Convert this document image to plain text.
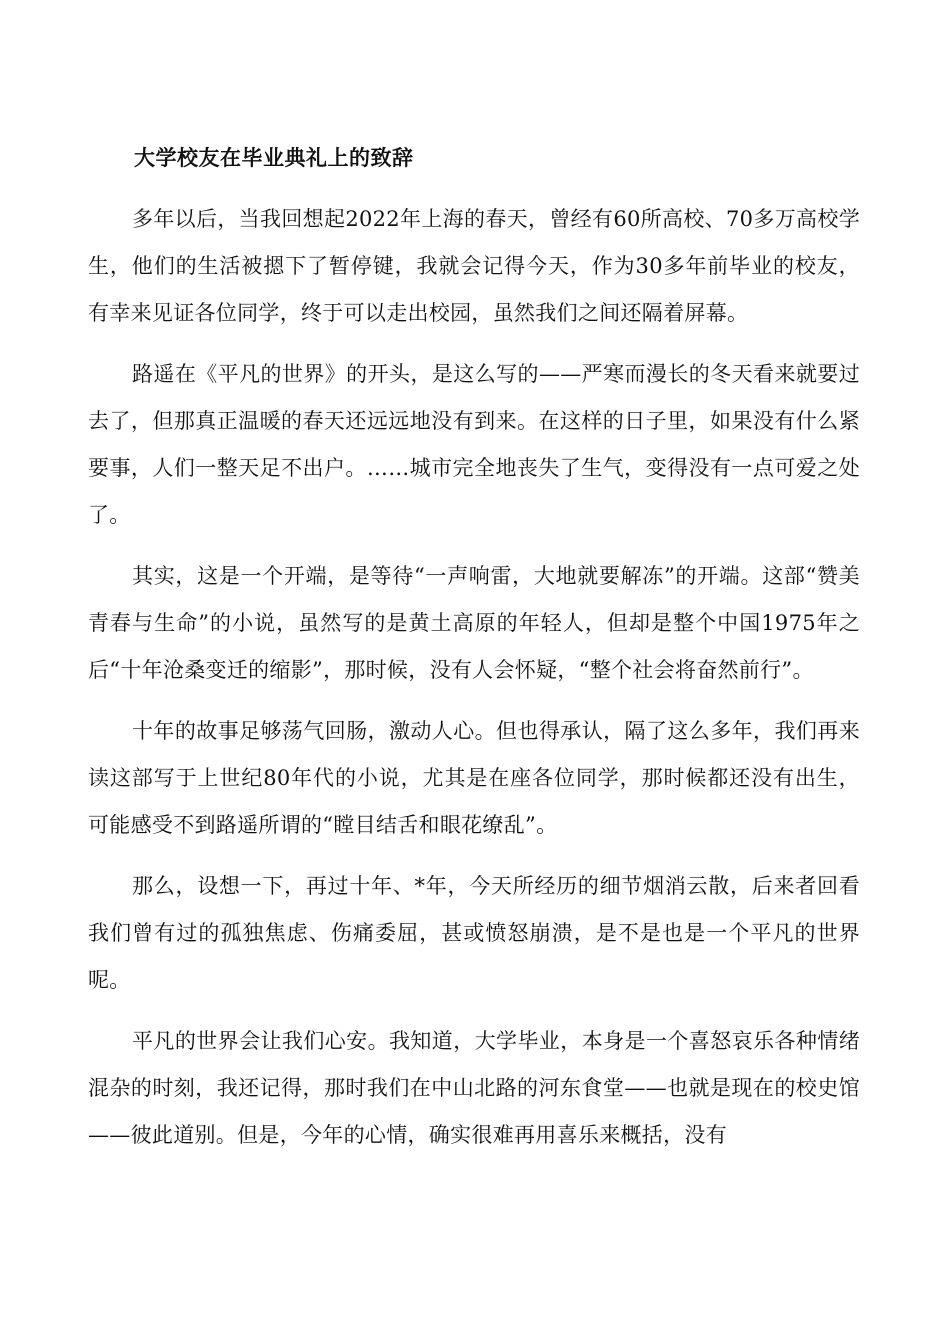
大学校友在毕业典礼上的致辞

多年以后，当我回想起2022年上海的春天，曾经有60所高校、70多万高校学生，他们的生活被摁下了暂停键，我就会记得今天，作为30多年前毕业的校友，有幸来见证各位同学，终于可以走出校园，虽然我们之间还隔着屏幕。

路遥在《平凡的世界》的开头，是这么写的——严寒而漫长的冬天看来就要过去了，但那真正温暖的春天还远远地没有到来。在这样的日子里，如果没有什么紧要事，人们一整天足不出户。……城市完全地丧失了生气，变得没有一点可爱之处了。

其实，这是一个开端，是等待“一声响雷，大地就要解冻”的开端。这部“赞美青春与生命”的小说，虽然写的是黄土高原的年轻人，但却是整个中国1975年之后“十年沧桑变迁的缩影”，那时候，没有人会怀疑，“整个社会将奋然前行”。

十年的故事足够荡气回肠，激动人心。但也得承认，隔了这么多年，我们再来读这部写于上世纪80年代的小说，尤其是在座各位同学，那时候都还没有出生，可能感受不到路遥所谓的“瞠目结舌和眼花缭乱”。

那么，设想一下，再过十年、*年，今天所经历的细节烟消云散，后来者回看我们曾有过的孤独焦虑、伤痛委屈，甚或愤怒崩溃，是不是也是一个平凡的世界呢。

平凡的世界会让我们心安。我知道，大学毕业，本身是一个喜怒哀乐各种情绪混杂的时刻，我还记得，那时我们在中山北路的河东食堂——也就是现在的校史馆——彼此道别。但是，今年的心情，确实很难再用喜乐来概括，没有
